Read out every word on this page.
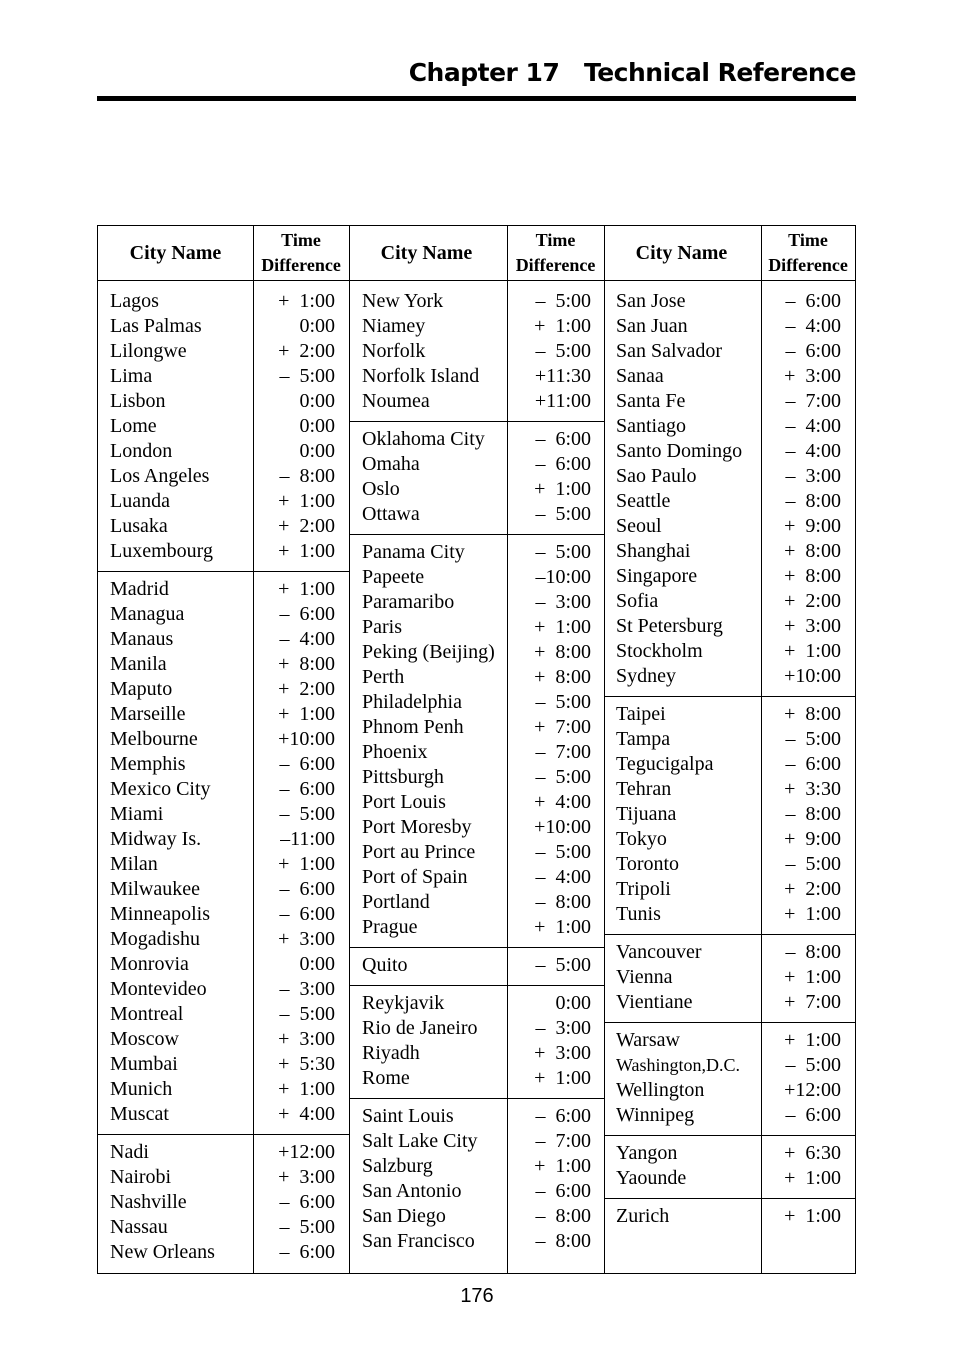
Chapter 17 Technical Reference
City Name
Time
Difference
Lagos
Las Palmas
Lilongwe
Lima
Lisbon
Lome
London
Los Angeles
Luanda
Lusaka
Luxembourg
+  1:00
0:00
+  2:00
–  5:00
0:00
0:00
0:00
–  8:00
+  1:00
+  2:00
+  1:00
Madrid
Managua
Manaus
Manila
Maputo
Marseille
Melbourne
Memphis
Mexico City
Miami
Midway Is.
Milan
Milwaukee
Minneapolis
Mogadishu
Monrovia
Montevideo
Montreal
Moscow
Mumbai
Munich
Muscat
+  1:00
–  6:00
–  4:00
+  8:00
+  2:00
+  1:00
+10:00
–  6:00
–  6:00
–  5:00
–11:00
+  1:00
–  6:00
–  6:00
+  3:00
0:00
–  3:00
–  5:00
+  3:00
+  5:30
+  1:00
+  4:00
Nadi
Nairobi
Nashville
Nassau
New Orleans
+12:00
+  3:00
–  6:00
–  5:00
–  6:00
City Name
Time
Difference
New York
Niamey
Norfolk
Norfolk Island
Noumea
–  5:00
+  1:00
–  5:00
+11:30
+11:00
Oklahoma City
Omaha
Oslo
Ottawa
–  6:00
–  6:00
+  1:00
–  5:00
Panama City
Papeete
Paramaribo
Paris
Peking (Beijing)
Perth
Philadelphia
Phnom Penh
Phoenix
Pittsburgh
Port Louis
Port Moresby
Port au Prince
Port of Spain
Portland
Prague
–  5:00
–10:00
–  3:00
+  1:00
+  8:00
+  8:00
–  5:00
+  7:00
–  7:00
–  5:00
+  4:00
+10:00
–  5:00
–  4:00
–  8:00
+  1:00
Quito	–  5:00
Reykjavik
Rio de Janeiro
Riyadh
Rome
0:00
–  3:00
+  3:00
+  1:00
Saint Louis
Salt Lake City
Salzburg
San Antonio
San Diego
San Francisco
–  6:00
–  7:00
+  1:00
–  6:00
–  8:00
–  8:00
City Name
Time
Difference
San Jose
San Juan
San Salvador
Sanaa
Santa Fe
Santiago
Santo Domingo
Sao Paulo
Seattle
Seoul
Shanghai
Singapore
Sofia
St Petersburg
Stockholm
Sydney
–  6:00
–  4:00
–  6:00
+  3:00
–  7:00
–  4:00
–  4:00
–  3:00
–  8:00
+  9:00
+  8:00
+  8:00
+  2:00
+  3:00
+  1:00
+10:00
Taipei
Tampa
Tegucigalpa
Tehran
Tijuana
Tokyo
Toronto
Tripoli
Tunis
+  8:00
–  5:00
–  6:00
+  3:30
–  8:00
+  9:00
–  5:00
+  2:00
+  1:00
Vancouver
Vienna
Vientiane
–  8:00
+  1:00
+  7:00
Warsaw
Washington,D.C.
Wellington
Winnipeg
+  1:00
–  5:00
+12:00
–  6:00
Yangon
Yaounde
+  6:30
+  1:00
Zurich	+  1:00
176
